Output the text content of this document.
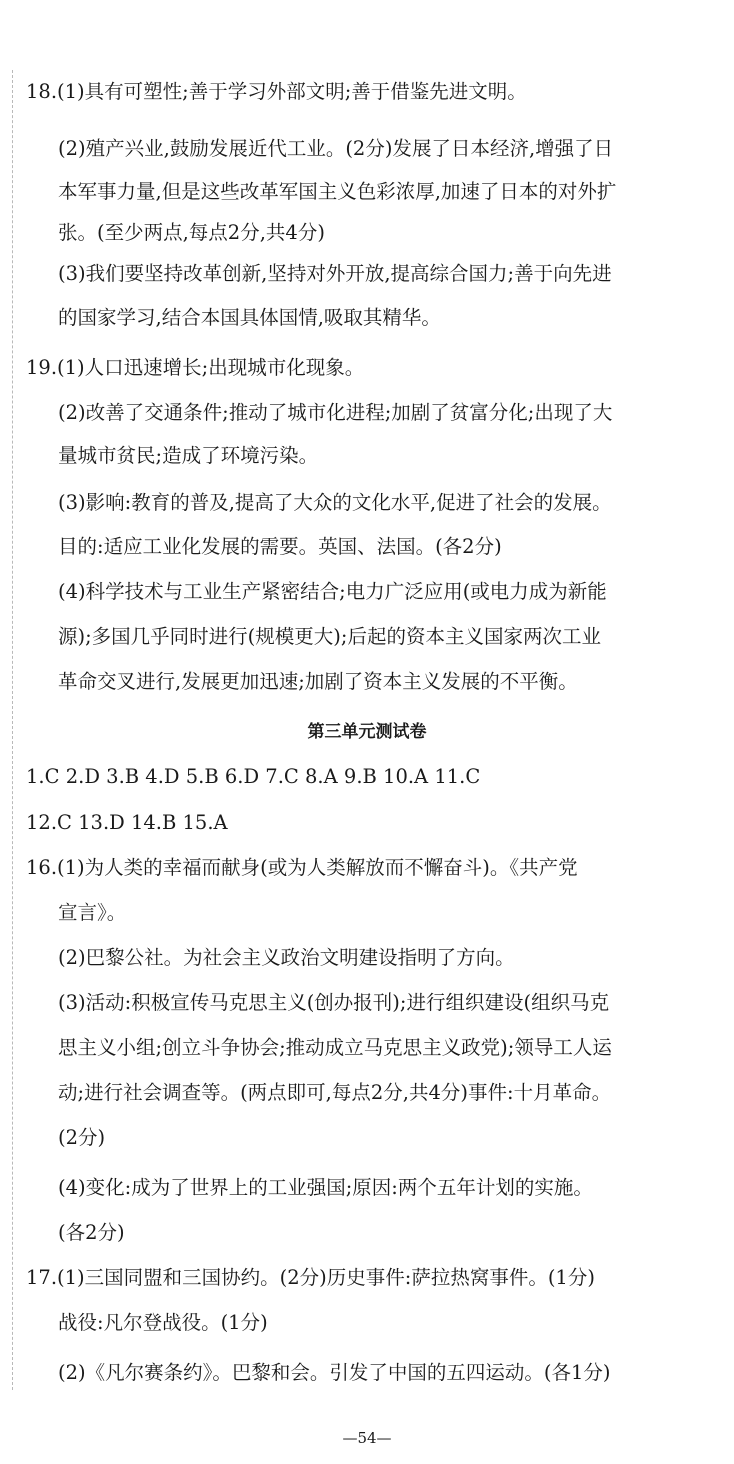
18.(1)具有可塑性;善于学习外部文明;善于借鉴先进文明。
(2)殖产兴业,鼓励发展近代工业。(2分)发展了日本经济,增强了日
本军事力量,但是这些改革军国主义色彩浓厚,加速了日本的对外扩
张。(至少两点,每点2分,共4分)
(3)我们要坚持改革创新,坚持对外开放,提高综合国力;善于向先进
的国家学习,结合本国具体国情,吸取其精华。
19.(1)人口迅速增长;出现城市化现象。
(2)改善了交通条件;推动了城市化进程;加剧了贫富分化;出现了大
量城市贫民;造成了环境污染。
(3)影响:教育的普及,提高了大众的文化水平,促进了社会的发展。
目的:适应工业化发展的需要。英国、法国。(各2分)
(4)科学技术与工业生产紧密结合;电力广泛应用(或电力成为新能
源);多国几乎同时进行(规模更大);后起的资本主义国家两次工业
革命交叉进行,发展更加迅速;加剧了资本主义发展的不平衡。
第三单元测试卷
1.C 2.D 3.B 4.D 5.B 6.D 7.C 8.A 9.B 10.A 11.C
12.C 13.D 14.B 15.A
16.(1)为人类的幸福而献身(或为人类解放而不懈奋斗)。《共产党
宣言》。
(2)巴黎公社。为社会主义政治文明建设指明了方向。
(3)活动:积极宣传马克思主义(创办报刊);进行组织建设(组织马克
思主义小组;创立斗争协会;推动成立马克思主义政党);领导工人运
动;进行社会调查等。(两点即可,每点2分,共4分)事件:十月革命。
(2分)
(4)变化:成为了世界上的工业强国;原因:两个五年计划的实施。
(各2分)
17.(1)三国同盟和三国协约。(2分)历史事件:萨拉热窝事件。(1分)
战役:凡尔登战役。(1分)
(2)《凡尔赛条约》。巴黎和会。引发了中国的五四运动。(各1分)
—54—
